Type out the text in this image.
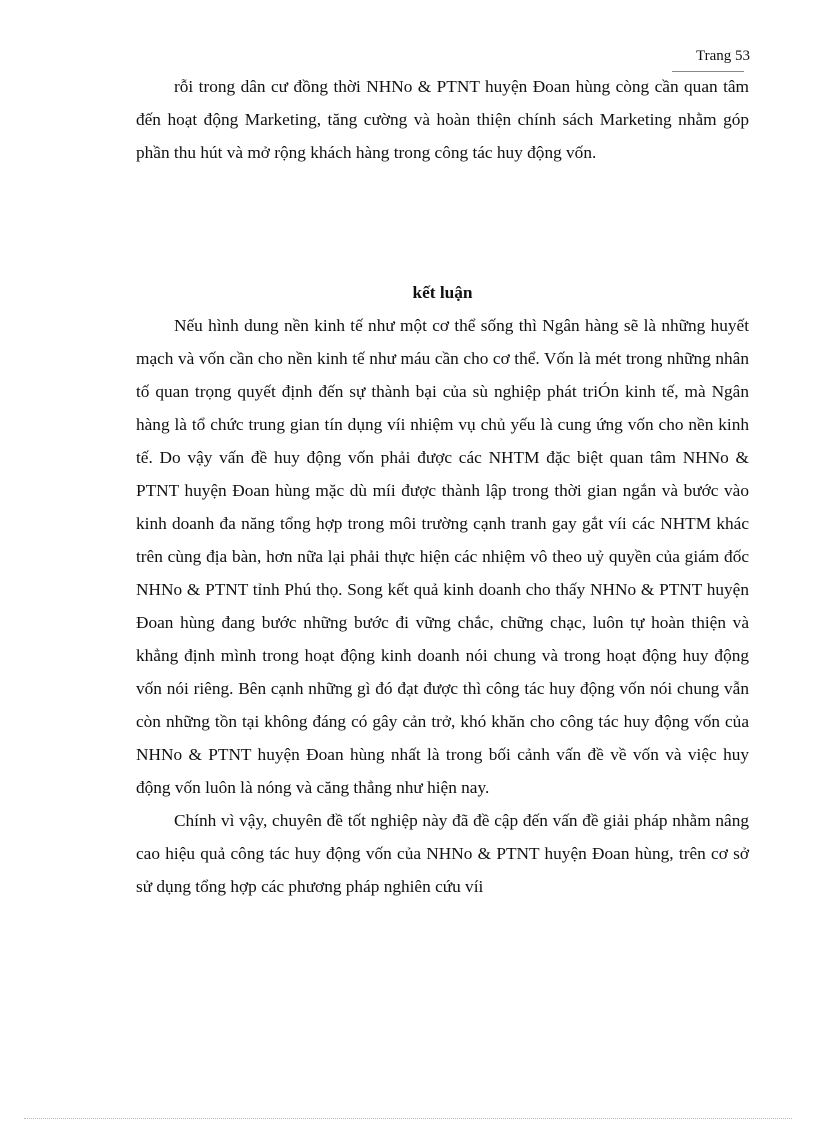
Trang 53

rỗi trong dân cư đồng thời NHNo & PTNT huyện Đoan hùng còng cần quan tâm đến hoạt động Marketing, tăng cường và hoàn thiện chính sách Marketing nhằm góp phần thu hút và mở rộng khách hàng trong công tác huy động vốn.

kết luận

Nếu hình dung nền kinh tế như một cơ thể sống thì Ngân hàng sẽ là những huyết mạch và vốn cần cho nền kinh tế như máu cần cho cơ thể. Vốn là mét trong những nhân tố quan trọng quyết định đến sự thành bại của sù nghiệp phát triÓn kinh tế, mà Ngân hàng là tổ chức trung gian tín dụng víi nhiệm vụ chủ yếu là cung ứng vốn cho nền kinh tế. Do vậy vấn đề huy động vốn phải được các NHTM đặc biệt quan tâm NHNo & PTNT huyện Đoan hùng mặc dù míi được thành lập trong thời gian ngắn và bước vào kinh doanh đa năng tổng hợp trong môi trường cạnh tranh gay gắt víi các NHTM khác trên cùng địa bàn, hơn nữa lại phải thực hiện các nhiệm vô theo uỷ quyền của giám đốc NHNo & PTNT tỉnh Phú thọ. Song kết quả kinh doanh cho thấy NHNo & PTNT huyện Đoan hùng đang bước những bước đi vững chắc, chững chạc, luôn tự hoàn thiện và khẳng định mình trong hoạt động kinh doanh nói chung và trong hoạt động huy động vốn nói riêng. Bên cạnh những gì đó đạt được thì công tác huy động vốn nói chung vẫn còn những tồn tại không đáng có gây cản trở, khó khăn cho công tác huy động vốn của NHNo & PTNT huyện Đoan hùng nhất là trong bối cảnh vấn đề về vốn và việc huy động vốn luôn là nóng và căng thẳng như hiện nay.

Chính vì vậy, chuyên đề tốt nghiệp này đã đề cập đến vấn đề giải pháp nhằm nâng cao hiệu quả công tác huy động vốn của NHNo & PTNT huyện Đoan hùng, trên cơ sở sử dụng tổng hợp các phương pháp nghiên cứu víi
